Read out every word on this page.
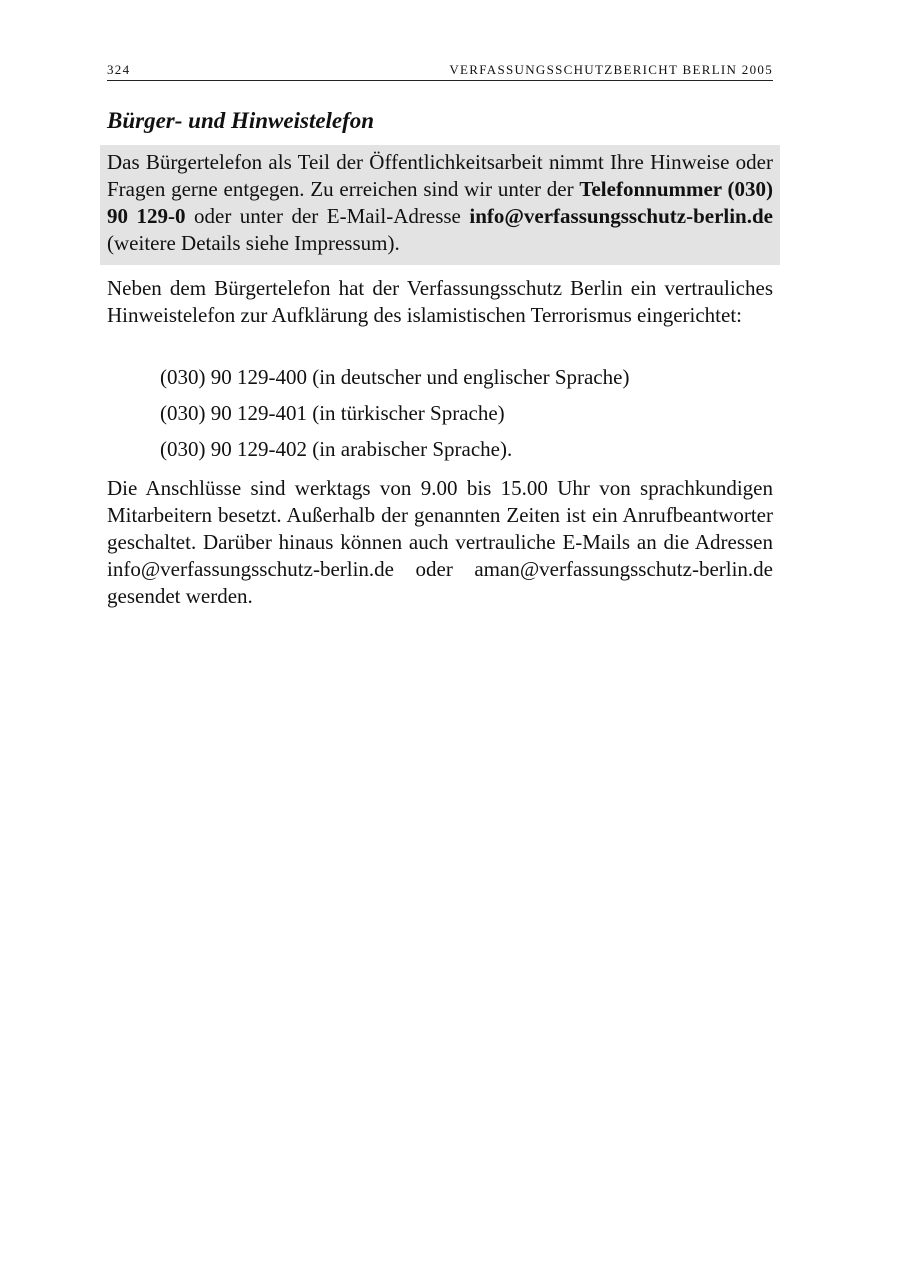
324	VERFASSUNGSSCHUTZBERICHT BERLIN 2005
Bürger- und Hinweistelefon

Das Bürgertelefon als Teil der Öffentlichkeitsarbeit nimmt Ihre Hinweise oder Fragen gerne entgegen. Zu erreichen sind wir unter der Telefonnummer (030) 90 129-0 oder unter der E-Mail-Adresse info@verfassungsschutz-berlin.de (weitere Details siehe Impressum).

Neben dem Bürgertelefon hat der Verfassungsschutz Berlin ein vertrauliches Hinweistelefon zur Aufklärung des islamistischen Terrorismus eingerichtet:

(030) 90 129-400 (in deutscher und englischer Sprache)
(030) 90 129-401 (in türkischer Sprache)
(030) 90 129-402 (in arabischer Sprache).

Die Anschlüsse sind werktags von 9.00 bis 15.00 Uhr von sprachkundigen Mitarbeitern besetzt. Außerhalb der genannten Zeiten ist ein Anrufbeantworter geschaltet. Darüber hinaus können auch vertrauliche E-Mails an die Adressen info@verfassungsschutz-berlin.de oder aman@verfassungsschutz-berlin.de gesendet werden.
